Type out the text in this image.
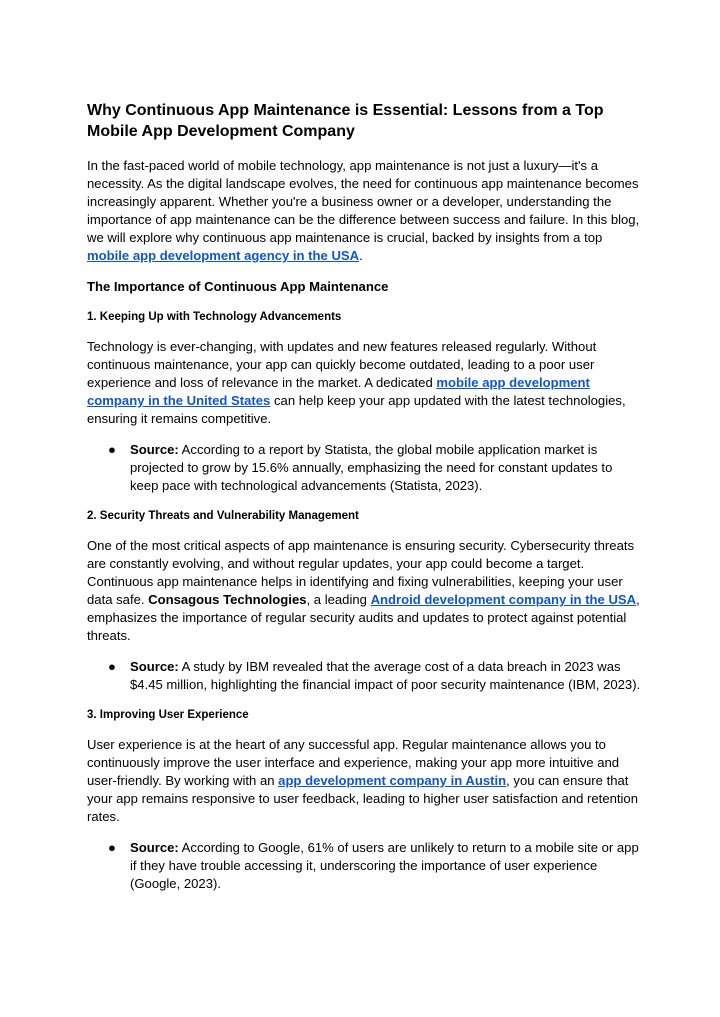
Why Continuous App Maintenance is Essential: Lessons from a Top Mobile App Development Company

In the fast-paced world of mobile technology, app maintenance is not just a luxury—it's a necessity. As the digital landscape evolves, the need for continuous app maintenance becomes increasingly apparent. Whether you're a business owner or a developer, understanding the importance of app maintenance can be the difference between success and failure. In this blog, we will explore why continuous app maintenance is crucial, backed by insights from a top mobile app development agency in the USA.

The Importance of Continuous App Maintenance
1. Keeping Up with Technology Advancements

Technology is ever-changing, with updates and new features released regularly. Without continuous maintenance, your app can quickly become outdated, leading to a poor user experience and loss of relevance in the market. A dedicated mobile app development company in the United States can help keep your app updated with the latest technologies, ensuring it remains competitive.

● Source: According to a report by Statista, the global mobile application market is projected to grow by 15.6% annually, emphasizing the need for constant updates to keep pace with technological advancements (Statista, 2023).
2. Security Threats and Vulnerability Management

One of the most critical aspects of app maintenance is ensuring security. Cybersecurity threats are constantly evolving, and without regular updates, your app could become a target. Continuous app maintenance helps in identifying and fixing vulnerabilities, keeping your user data safe. Consagous Technologies, a leading Android development company in the USA, emphasizes the importance of regular security audits and updates to protect against potential threats.

● Source: A study by IBM revealed that the average cost of a data breach in 2023 was $4.45 million, highlighting the financial impact of poor security maintenance (IBM, 2023).
3. Improving User Experience

User experience is at the heart of any successful app. Regular maintenance allows you to continuously improve the user interface and experience, making your app more intuitive and user-friendly. By working with an app development company in Austin, you can ensure that your app remains responsive to user feedback, leading to higher user satisfaction and retention rates.

● Source: According to Google, 61% of users are unlikely to return to a mobile site or app if they have trouble accessing it, underscoring the importance of user experience (Google, 2023).
